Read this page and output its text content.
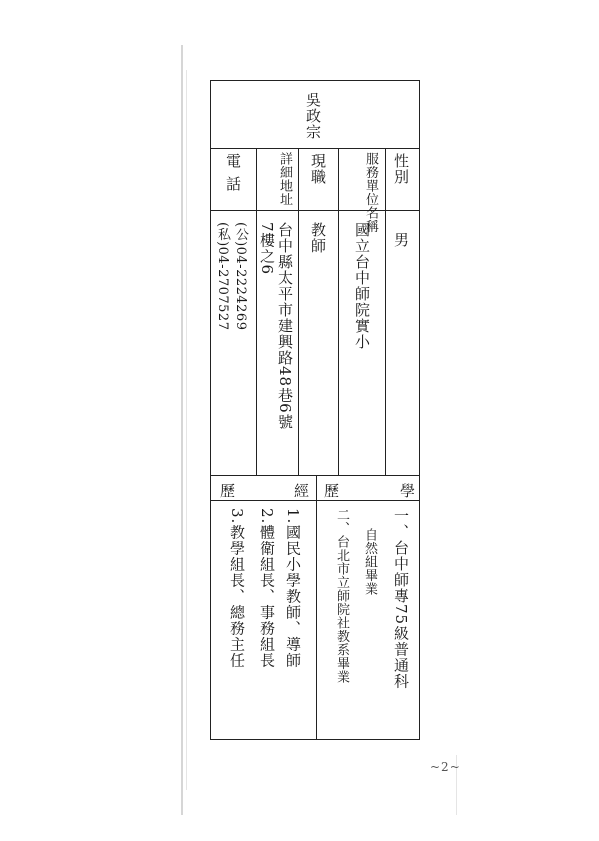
吳政宗
性別
服務單位名稱
現職
詳細地址
電話
男
國立台中師院實小
教師
台中縣太平市建興路48巷6號
7樓之6
(公)04-2224269
(私)04-2707527
學
歷
經
歷
一、台中師專75級普通科
自然組畢業
二、台北市立師院社教系畢業
1.國民小學教師、導師
2.體衛組長、事務組長
3.教學組長、總務主任
~2~
